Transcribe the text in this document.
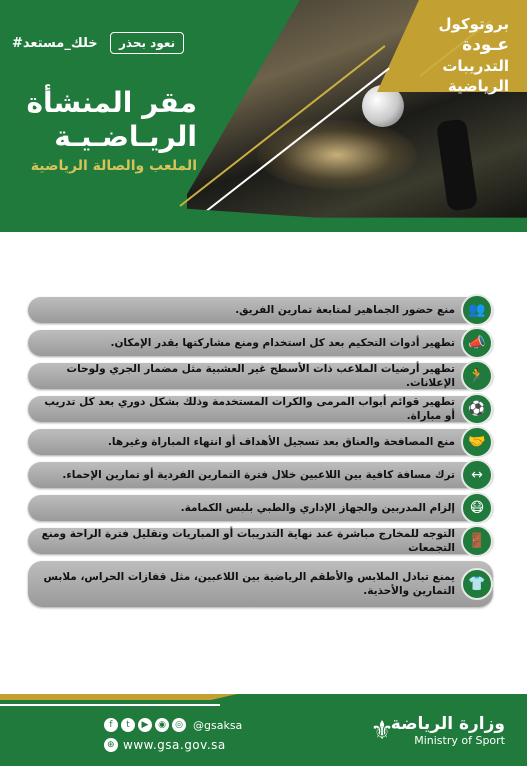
بروتوكول
عـودة
التدريبات
الرياضية
نعود بحذر
#خلك_مستعد
مقر المنشأة
الريـاضـيـة
الملعب والصالة الرياضية
👥
منع حضور الجماهير لمتابعة تمارين الفريق.
📣
تطهير أدوات التحكيم بعد كل استخدام ومنع مشاركتها بقدر الإمكان.
🏃
تطهير أرضيات الملاعب ذات الأسطح غير العشبية مثل مضمار الجري ولوحات الإعلانات.
⚽
تطهير قوائم أبواب المرمى والكرات المستخدمة وذلك بشكل دوري بعد كل تدريب أو مباراة.
🤝
منع المصافحة والعناق بعد تسجيل الأهداف أو انتهاء المباراة وغيرها.
↔
ترك مسافة كافية بين اللاعبين خلال فترة التمارين الفردية أو تمارين الإحماء.
😷
إلزام المدربين والجهاز الإداري والطبي بلبس الكمامة.
🚪
التوجه للمخارج مباشرة عند نهاية التدريبات أو المباريات وتقليل فترة الراحة ومنع التجمعات
👕
يمنع تبادل الملابس والأطقم الرياضية بين اللاعبين، مثل قفازات الحراس، ملابس التمارين والأحذية.
⚜
وزارة الرياضة
Ministry of Sport
f	t	▶	◉	◎ @gsaksa
⊕ www.gsa.gov.sa
